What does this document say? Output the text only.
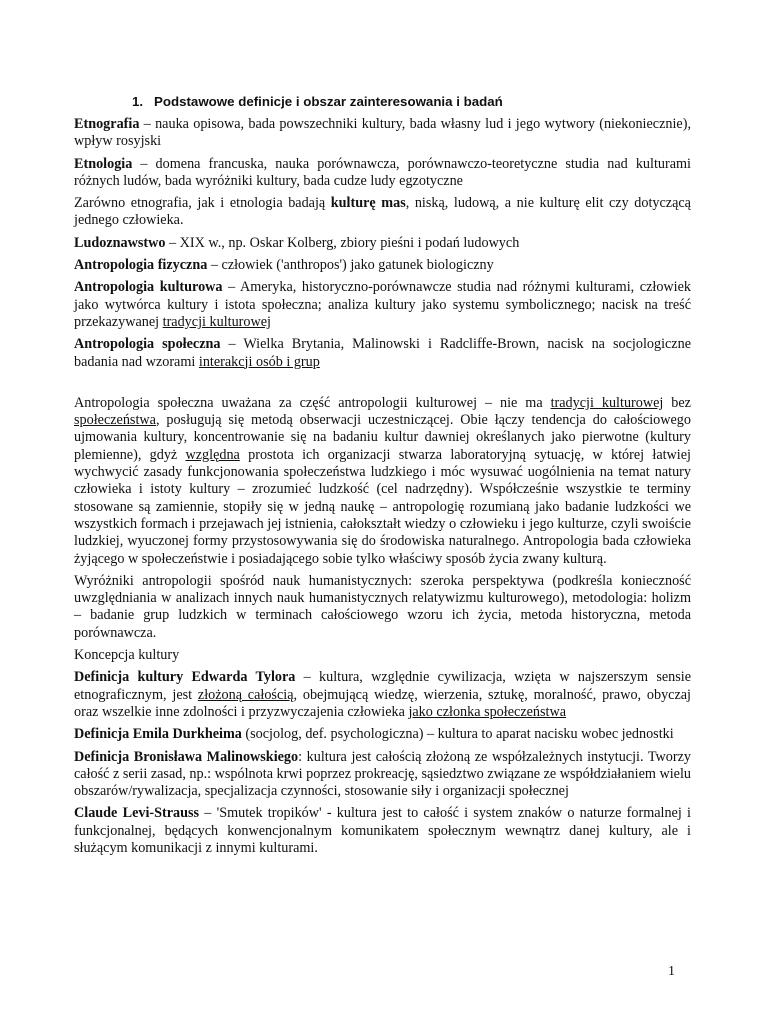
1. Podstawowe definicje i obszar zainteresowania i badań

Etnografia – nauka opisowa, bada powszechniki kultury, bada własny lud i jego wytwory (niekoniecznie), wpływ rosyjski

Etnologia – domena francuska, nauka porównawcza, porównawczo-teoretyczne studia nad kulturami różnych ludów, bada wyróżniki kultury, bada cudze ludy egzotyczne

Zarówno etnografia, jak i etnologia badają kulturę mas, niską, ludową, a nie kulturę elit czy dotyczącą jednego człowieka.

Ludoznawstwo – XIX w., np. Oskar Kolberg, zbiory pieśni i podań ludowych

Antropologia fizyczna – człowiek ('anthropos') jako gatunek biologiczny

Antropologia kulturowa – Ameryka, historyczno-porównawcze studia nad różnymi kulturami, człowiek jako wytwórca kultury i istota społeczna; analiza kultury jako systemu symbolicznego; nacisk na treść przekazywanej tradycji kulturowej

Antropologia społeczna – Wielka Brytania, Malinowski i Radcliffe-Brown, nacisk na socjologiczne badania nad wzorami interakcji osób i grup

Antropologia społeczna uważana za część antropologii kulturowej – nie ma tradycji kulturowej bez społeczeństwa, posługują się metodą obserwacji uczestniczącej. Obie łączy tendencja do całościowego ujmowania kultury, koncentrowanie się na badaniu kultur dawniej określanych jako pierwotne (kultury plemienne), gdyż względna prostota ich organizacji stwarza laboratoryjną sytuację, w której łatwiej wychwycić zasady funkcjonowania społeczeństwa ludzkiego i móc wysuwać uogólnienia na temat natury człowieka i istoty kultury – zrozumieć ludzkość (cel nadrzędny). Współcześnie wszystkie te terminy stosowane są zamiennie, stopiły się w jedną naukę – antropologię rozumianą jako badanie ludzkości we wszystkich formach i przejawach jej istnienia, całokształt wiedzy o człowieku i jego kulturze, czyli swoiście ludzkiej, wyuczonej formy przystosowywania się do środowiska naturalnego. Antropologia bada człowieka żyjącego w społeczeństwie i posiadającego sobie tylko właściwy sposób życia zwany kulturą.

Wyróżniki antropologii spośród nauk humanistycznych: szeroka perspektywa (podkreśla konieczność uwzględniania w analizach innych nauk humanistycznych relatywizmu kulturowego), metodologia: holizm – badanie grup ludzkich w terminach całościowego wzoru ich życia, metoda historyczna, metoda porównawcza.

Koncepcja kultury

Definicja kultury Edwarda Tylora – kultura, względnie cywilizacja, wzięta w najszerszym sensie etnograficznym, jest złożoną całością, obejmującą wiedzę, wierzenia, sztukę, moralność, prawo, obyczaj oraz wszelkie inne zdolności i przyzwyczajenia człowieka jako członka społeczeństwa

Definicja Emila Durkheima (socjolog, def. psychologiczna) – kultura to aparat nacisku wobec jednostki

Definicja Bronisława Malinowskiego: kultura jest całością złożoną ze współzależnych instytucji. Tworzy całość z serii zasad, np.: wspólnota krwi poprzez prokreację, sąsiedztwo związane ze współdziałaniem wielu obszarów/rywalizacja, specjalizacja czynności, stosowanie siły i organizacji społecznej

Claude Levi-Strauss – 'Smutek tropików' - kultura jest to całość i system znaków o naturze formalnej i funkcjonalnej, będących konwencjonalnym komunikatem społecznym wewnątrz danej kultury, ale i służącym komunikacji z innymi kulturami.

1
